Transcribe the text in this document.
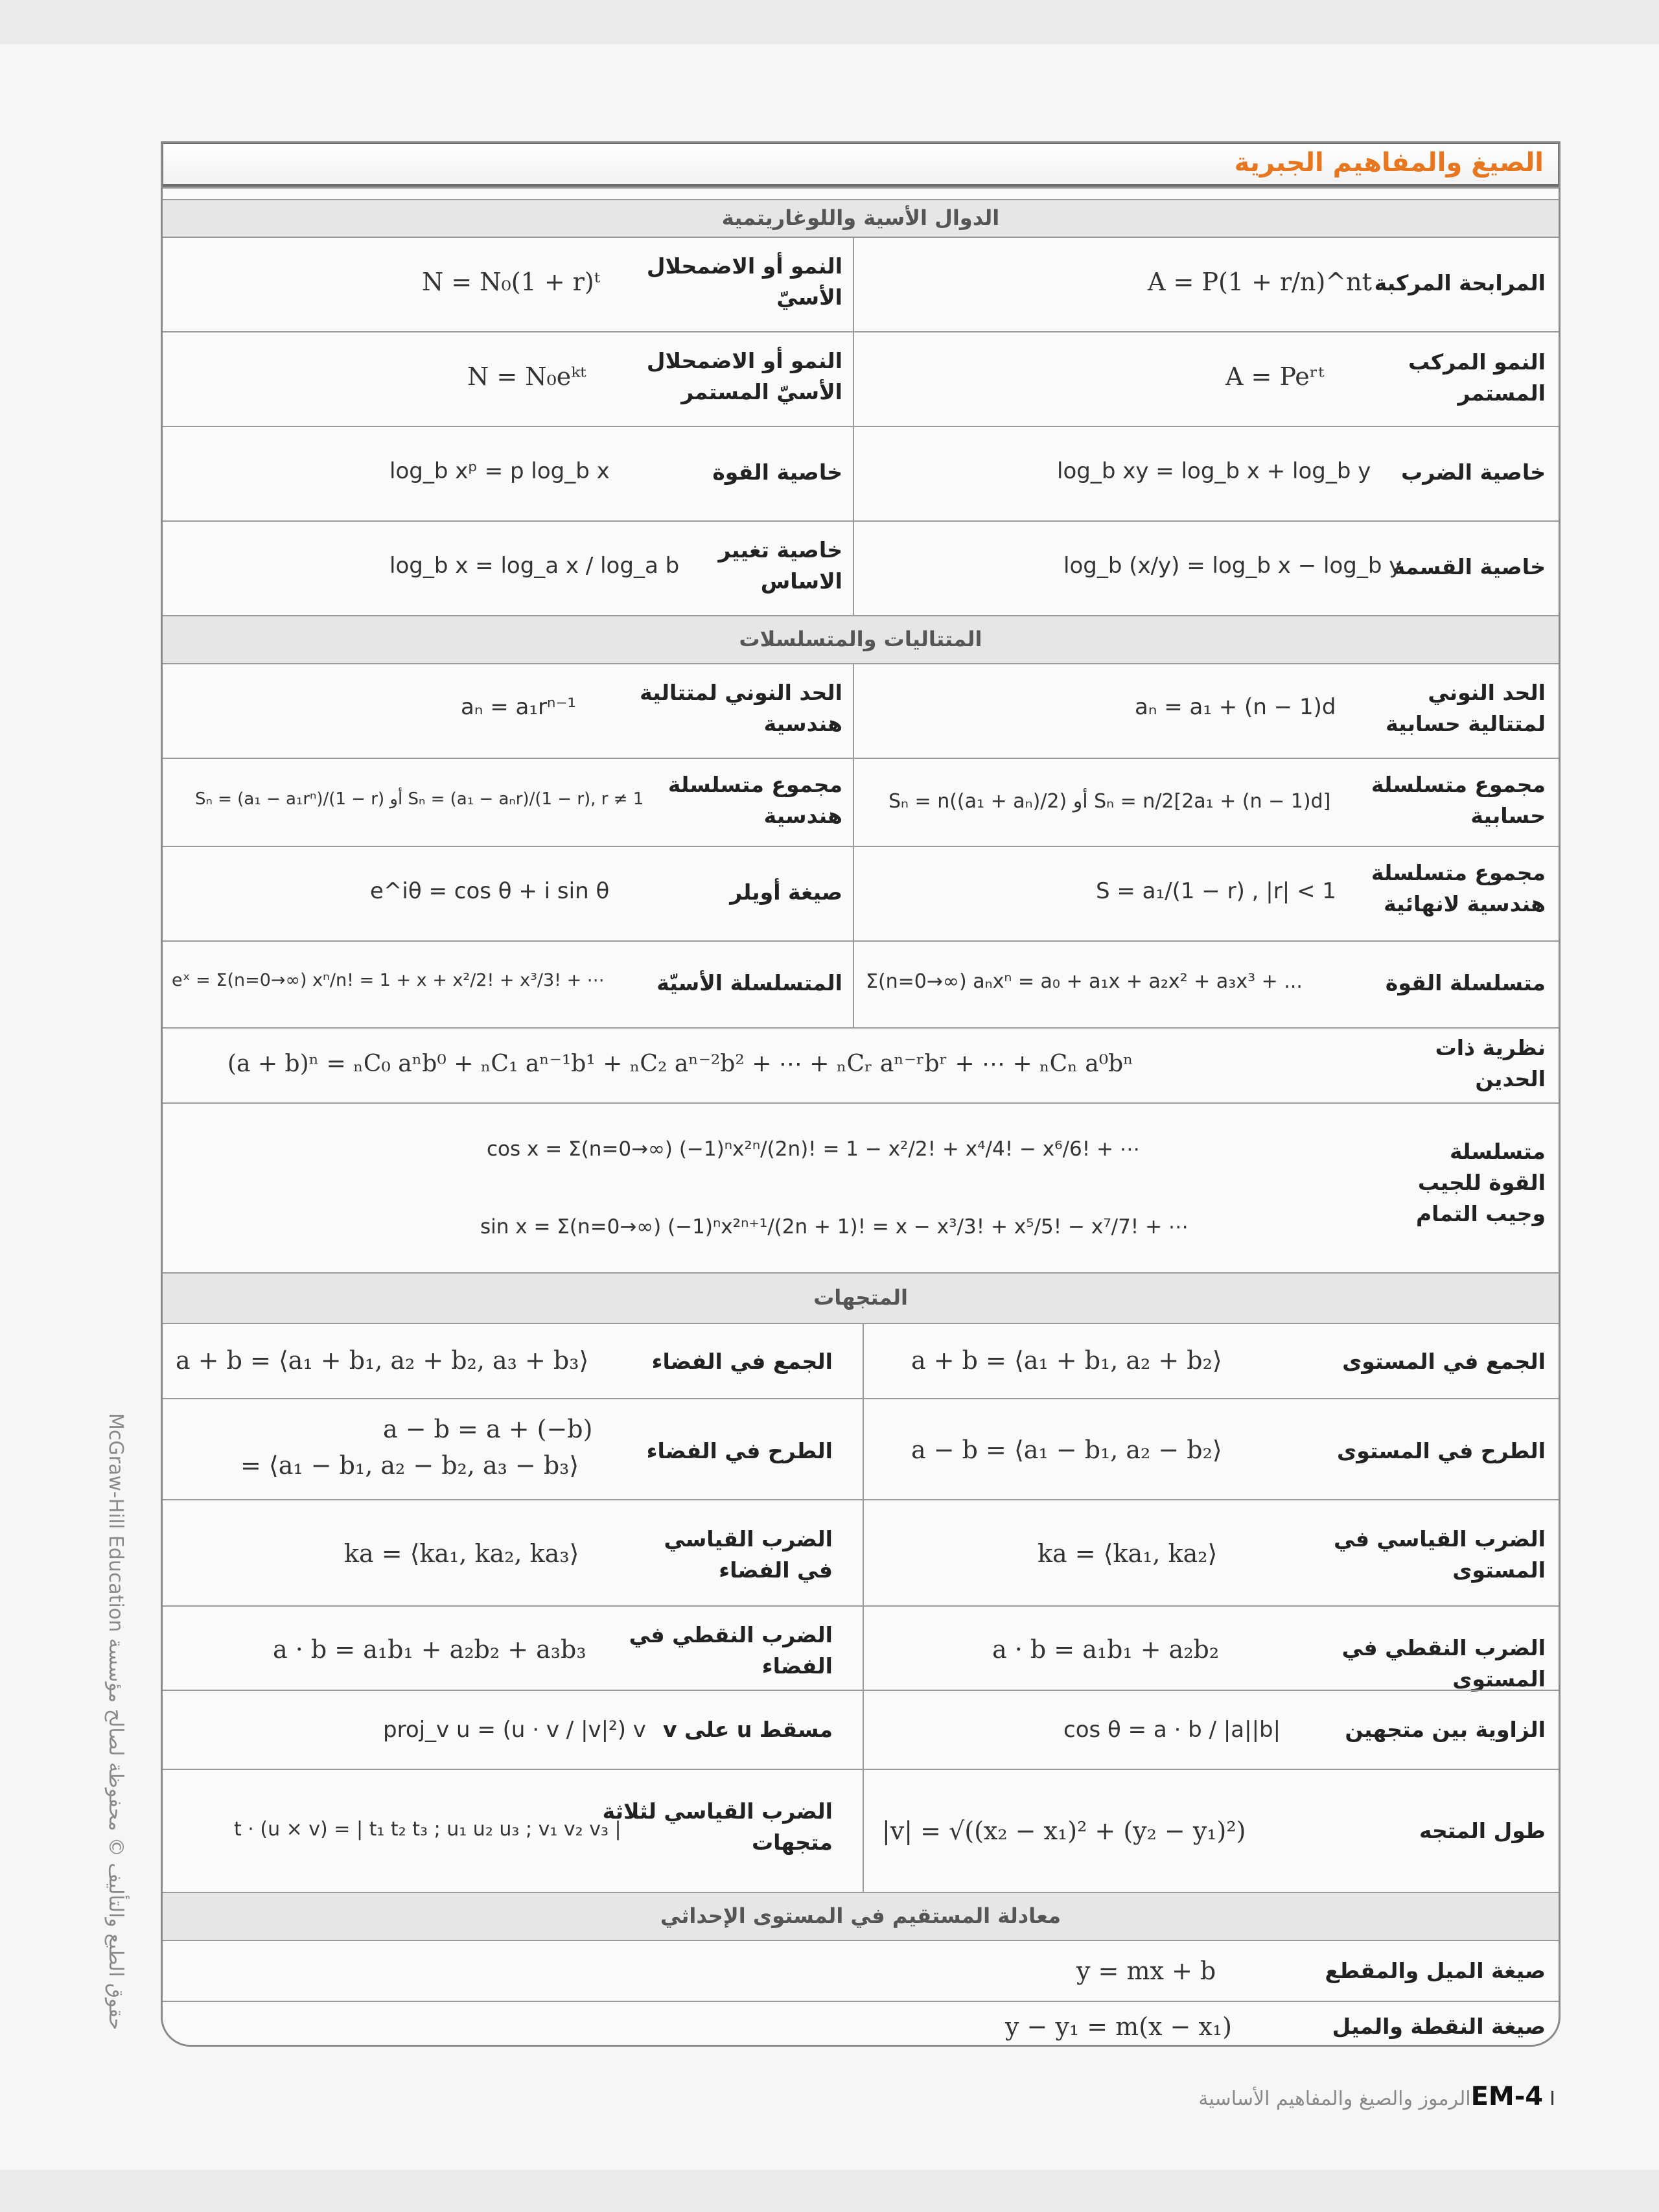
الصيغ والمفاهيم الجبرية
الدوال الأسية واللوغاريتمية
المرابحة المركبة
A = P(1 + r/n)^nt
النمو أو الاضمحلال الأسيّ
N = N₀(1 + r)ᵗ
النمو المركب المستمر
A = Peʳᵗ
النمو أو الاضمحلال الأسيّ المستمر
N = N₀eᵏᵗ
خاصية الضرب
log_b xy = log_b x + log_b y
خاصية القوة
log_b xᵖ = p log_b x
خاصية القسمة
log_b (x/y) = log_b x − log_b y
خاصية تغيير الاساس
log_b x = log_a x / log_a b
المتتاليات والمتسلسلات
الحد النوني لمتتالية حسابية
aₙ = a₁ + (n − 1)d
الحد النوني لمتتالية هندسية
aₙ = a₁rⁿ⁻¹
مجموع متسلسلة حسابية
Sₙ = n((a₁ + aₙ)/2) أو Sₙ = n/2[2a₁ + (n − 1)d]
مجموع متسلسلة هندسية
Sₙ = (a₁ − a₁rⁿ)/(1 − r) أو Sₙ = (a₁ − aₙr)/(1 − r), r ≠ 1
مجموع متسلسلة هندسية لانهائية
S = a₁/(1 − r) , |r| < 1
صيغة أويلر
e^iθ = cos θ + i sin θ
متسلسلة القوة
Σ(n=0→∞) aₙxⁿ = a₀ + a₁x + a₂x² + a₃x³ + ...
المتسلسلة الأسيّة
eˣ = Σ(n=0→∞) xⁿ/n! = 1 + x + x²/2! + x³/3! + ⋯
نظرية ذات الحدين
(a + b)ⁿ = ₙC₀ aⁿb⁰ + ₙC₁ aⁿ⁻¹b¹ + ₙC₂ aⁿ⁻²b² + ⋯ + ₙCᵣ aⁿ⁻ʳbʳ + ⋯ + ₙCₙ a⁰bⁿ
متسلسلة القوة للجيب وجيب التمام
cos x = Σ(n=0→∞) (−1)ⁿx²ⁿ/(2n)! = 1 − x²/2! + x⁴/4! − x⁶/6! + ⋯
sin x = Σ(n=0→∞) (−1)ⁿx²ⁿ⁺¹/(2n + 1)! = x − x³/3! + x⁵/5! − x⁷/7! + ⋯
المتجهات
الجمع في المستوى
a + b = ⟨a₁ + b₁, a₂ + b₂⟩
الجمع في الفضاء
a + b = ⟨a₁ + b₁, a₂ + b₂, a₃ + b₃⟩
الطرح في المستوى
a − b = ⟨a₁ − b₁, a₂ − b₂⟩
الطرح في الفضاء
a − b = a + (−b)
= ⟨a₁ − b₁, a₂ − b₂, a₃ − b₃⟩
الضرب القياسي في المستوى
ka = ⟨ka₁, ka₂⟩
الضرب القياسي في الفضاء
ka = ⟨ka₁, ka₂, ka₃⟩
الضرب النقطي في المستوى
a · b = a₁b₁ + a₂b₂
الضرب النقطي في الفضاء
a · b = a₁b₁ + a₂b₂ + a₃b₃
الزاوية بين متجهين
cos θ = a · b / |a||b|
مسقط u على v
proj_v u = (u · v / |v|²) v
طول المتجه
|v| = √((x₂ − x₁)² + (y₂ − y₁)²)
الضرب القياسي لثلاثة متجهات
t · (u × v) = | t₁ t₂ t₃ ; u₁ u₂ u₃ ; v₁ v₂ v₃ |
معادلة المستقيم في المستوى الإحداثي
صيغة الميل والمقطع
y = mx + b
صيغة النقطة والميل
y − y₁ = m(x − x₁)
McGraw-Hill Education حقوق الطبع والتأليف © محفوظة لصالح مؤسسة
EM-4 Iالرموز والصيغ والمفاهيم الأساسية
